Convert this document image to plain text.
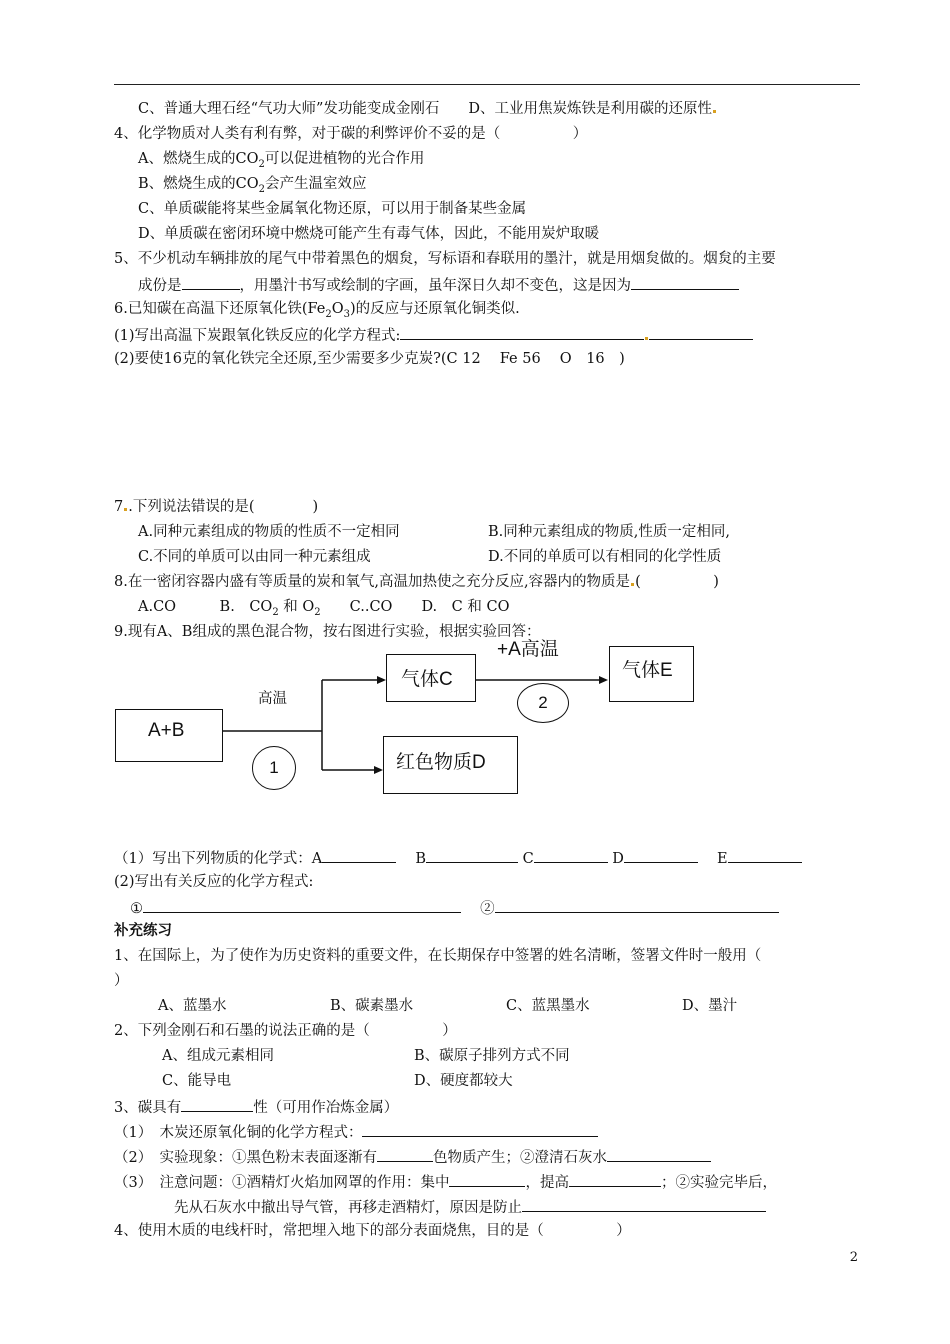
C、普通大理石经“气功大师”发功能变成金刚石　　D、工业用焦炭炼铁是利用碳的还原性
4、化学物质对人类有利有弊，对于碳的利弊评价不妥的是（　　　　　）
A、燃烧生成的$CO_2$可以促进植物的光合作用
B、燃烧生成的$CO_2$会产生温室效应
C、单质碳能将某些金属氧化物还原，可以用于制备某些金属
D、单质碳在密闭环境中燃烧可能产生有毒气体，因此，不能用炭炉取暖
5、不少机动车辆排放的尾气中带着黑色的烟炱，写标语和春联用的墨汁，就是用烟炱做的。烟炱的主要
成份是	，用墨汁书写或绘制的字画，虽年深日久却不变色，这是因为
6.已知碳在高温下还原氧化铁$(Fe_2O_3)$的反应与还原氧化铜类似.
(1)写出高温下炭跟氧化铁反应的化学方程式:
(2)要使16克的氧化铁完全还原,至少需要多少克炭?(C 12　 Fe 56　 O　16　)
7 .下列说法错误的是(　　　　)
A.同种元素组成的物质的性质不一定相同	B.同种元素组成的物质,性质一定相同,
C.不同的单质可以由同一种元素组成	D.不同的单质可以有相同的化学性质
8.在一密闭容器内盛有等质量的炭和氧气,高温加热使之充分反应,容器内的物质是 (　　　　　)
A.CO　　　B.　$CO_2$ 和 $O_2$　　C..CO　　D.　C 和 CO
9.现有A、B组成的黑色混合物，按右图进行实验，根据实验回答：
A+B
气体C
红色物质D
气体E
高温
+A高温
1
2
（1）写出下列物质的化学式：A　	B	C	D　	E
(2)写出有关反应的化学方程式:
①　	②
补充练习
1、在国际上，为了使作为历史资料的重要文件，在长期保存中签署的姓名清晰，签署文件时一般用（
）
A、蓝墨水	B、碳素墨水	C、蓝黑墨水	D、墨汁
2、下列金刚石和石墨的说法正确的是（　　　　　）
A、组成元素相同	B、碳原子排列方式不同
C、能导电	D、硬度都较大
3、碳具有	性（可用作冶炼金属）
（1）　木炭还原氧化铜的化学方程式：
（2）　实验现象：①黑色粉末表面逐渐有	色物质产生；②澄清石灰水
（3）　注意问题：①酒精灯火焰加网罩的作用：集中	，提高	；②实验完毕后，
先从石灰水中撤出导气管，再移走酒精灯，原因是防止
4、使用木质的电线杆时，常把埋入地下的部分表面烧焦，目的是（　　　　　）
2
